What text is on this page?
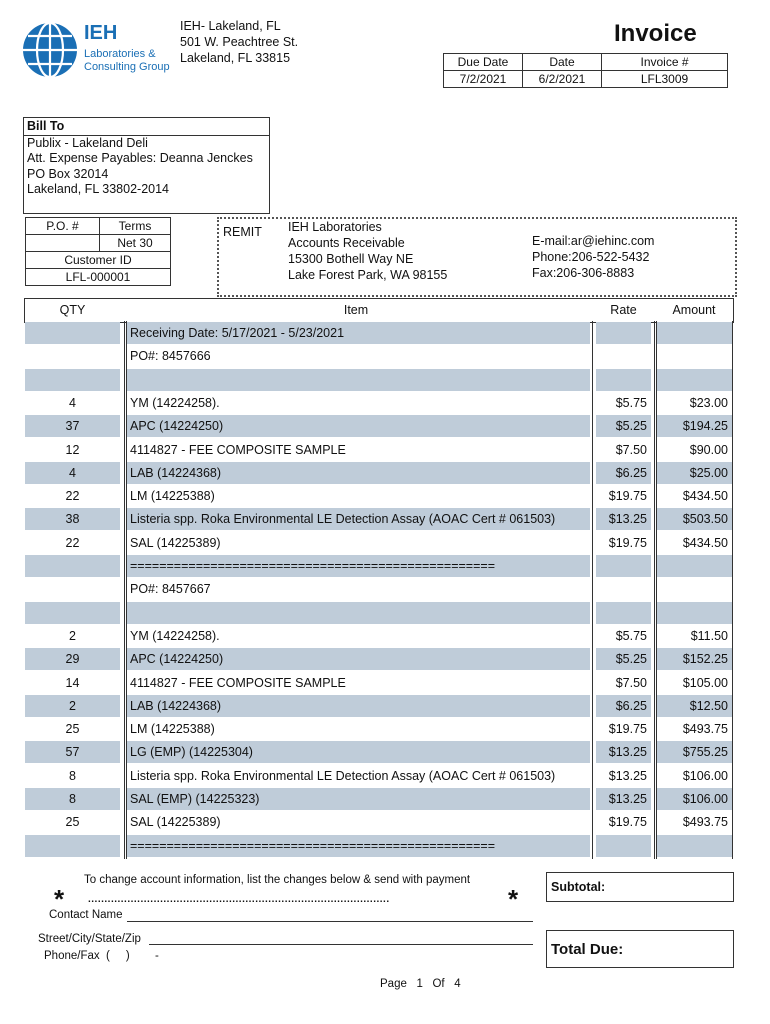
IEH
Laboratories &
Consulting Group
IEH- Lakeland, FL
501 W. Peachtree St.
Lakeland, FL 33815
Invoice
Due Date	Date	Invoice #
7/2/2021	6/2/2021	LFL3009
Bill To
Publix - Lakeland Deli
Att. Expense Payables: Deanna Jenckes
PO Box 32014
Lakeland, FL 33802-2014
P.O. #	Terms
	Net 30
Customer ID	
LFL-000001	
REMIT IEH Laboratories
Accounts Receivable
15300 Bothell Way NE
Lake Forest Park, WA 98155
E-mail:ar@iehinc.com
Phone:206-522-5432
Fax:206-306-8883
QTY	Item	Rate	Amount
Receiving Date: 5/17/2021 - 5/23/2021
PO#: 8457666
4	YM (14224258).	$5.75	$23.00
37	APC (14224250)	$5.25	$194.25
12	4114827 - FEE COMPOSITE SAMPLE	$7.50	$90.00
4	LAB (14224368)	$6.25	$25.00
22	LM (14225388)	$19.75	$434.50
38	Listeria spp. Roka Environmental LE Detection Assay (AOAC Cert # 061503)	$13.25	$503.50
22	SAL (14225389)	$19.75	$434.50
==================================================
PO#: 8457667
2	YM (14224258).	$5.75	$11.50
29	APC (14224250)	$5.25	$152.25
14	4114827 - FEE COMPOSITE SAMPLE	$7.50	$105.00
2	LAB (14224368)	$6.25	$12.50
25	LM (14225388)	$19.75	$493.75
57	LG (EMP) (14225304)	$13.25	$755.25
8	Listeria spp. Roka Environmental LE Detection Assay (AOAC Cert # 061503)	$13.25	$106.00
8	SAL (EMP) (14225323)	$13.25	$106.00
25	SAL (14225389)	$19.75	$493.75
==================================================
To change account information, list the changes below & send with payment
*	*
............................................................................................
Contact Name
Street/City/State/Zip
Phone/Fax  (     ) -
Subtotal:
Total Due:
Page 1 Of 4
